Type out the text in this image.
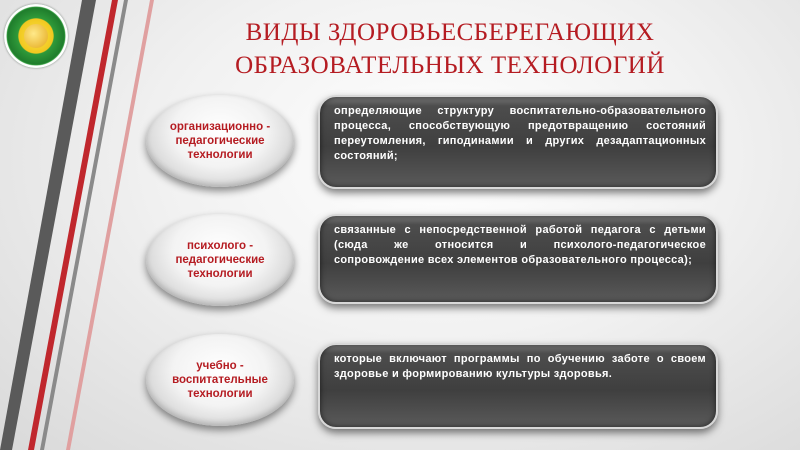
ВИДЫ ЗДОРОВЬЕСБЕРЕГАЮЩИХ
ОБРАЗОВАТЕЛЬНЫХ ТЕХНОЛОГИЙ
организационно - педагогические технологии
определяющие структуру воспитательно-образовательного процесса, способствующую предотвращению состояний переутомления, гиподинамии и других дезадаптационных состояний;
психолого - педагогические технологии
связанные с непосредственной работой педагога с детьми (сюда же относится и психолого-педагогическое сопровождение всех элементов образовательного процесса);
учебно - воспитательные технологии
которые включают программы по обучению заботе о своем здоровье и формированию культуры здоровья.
